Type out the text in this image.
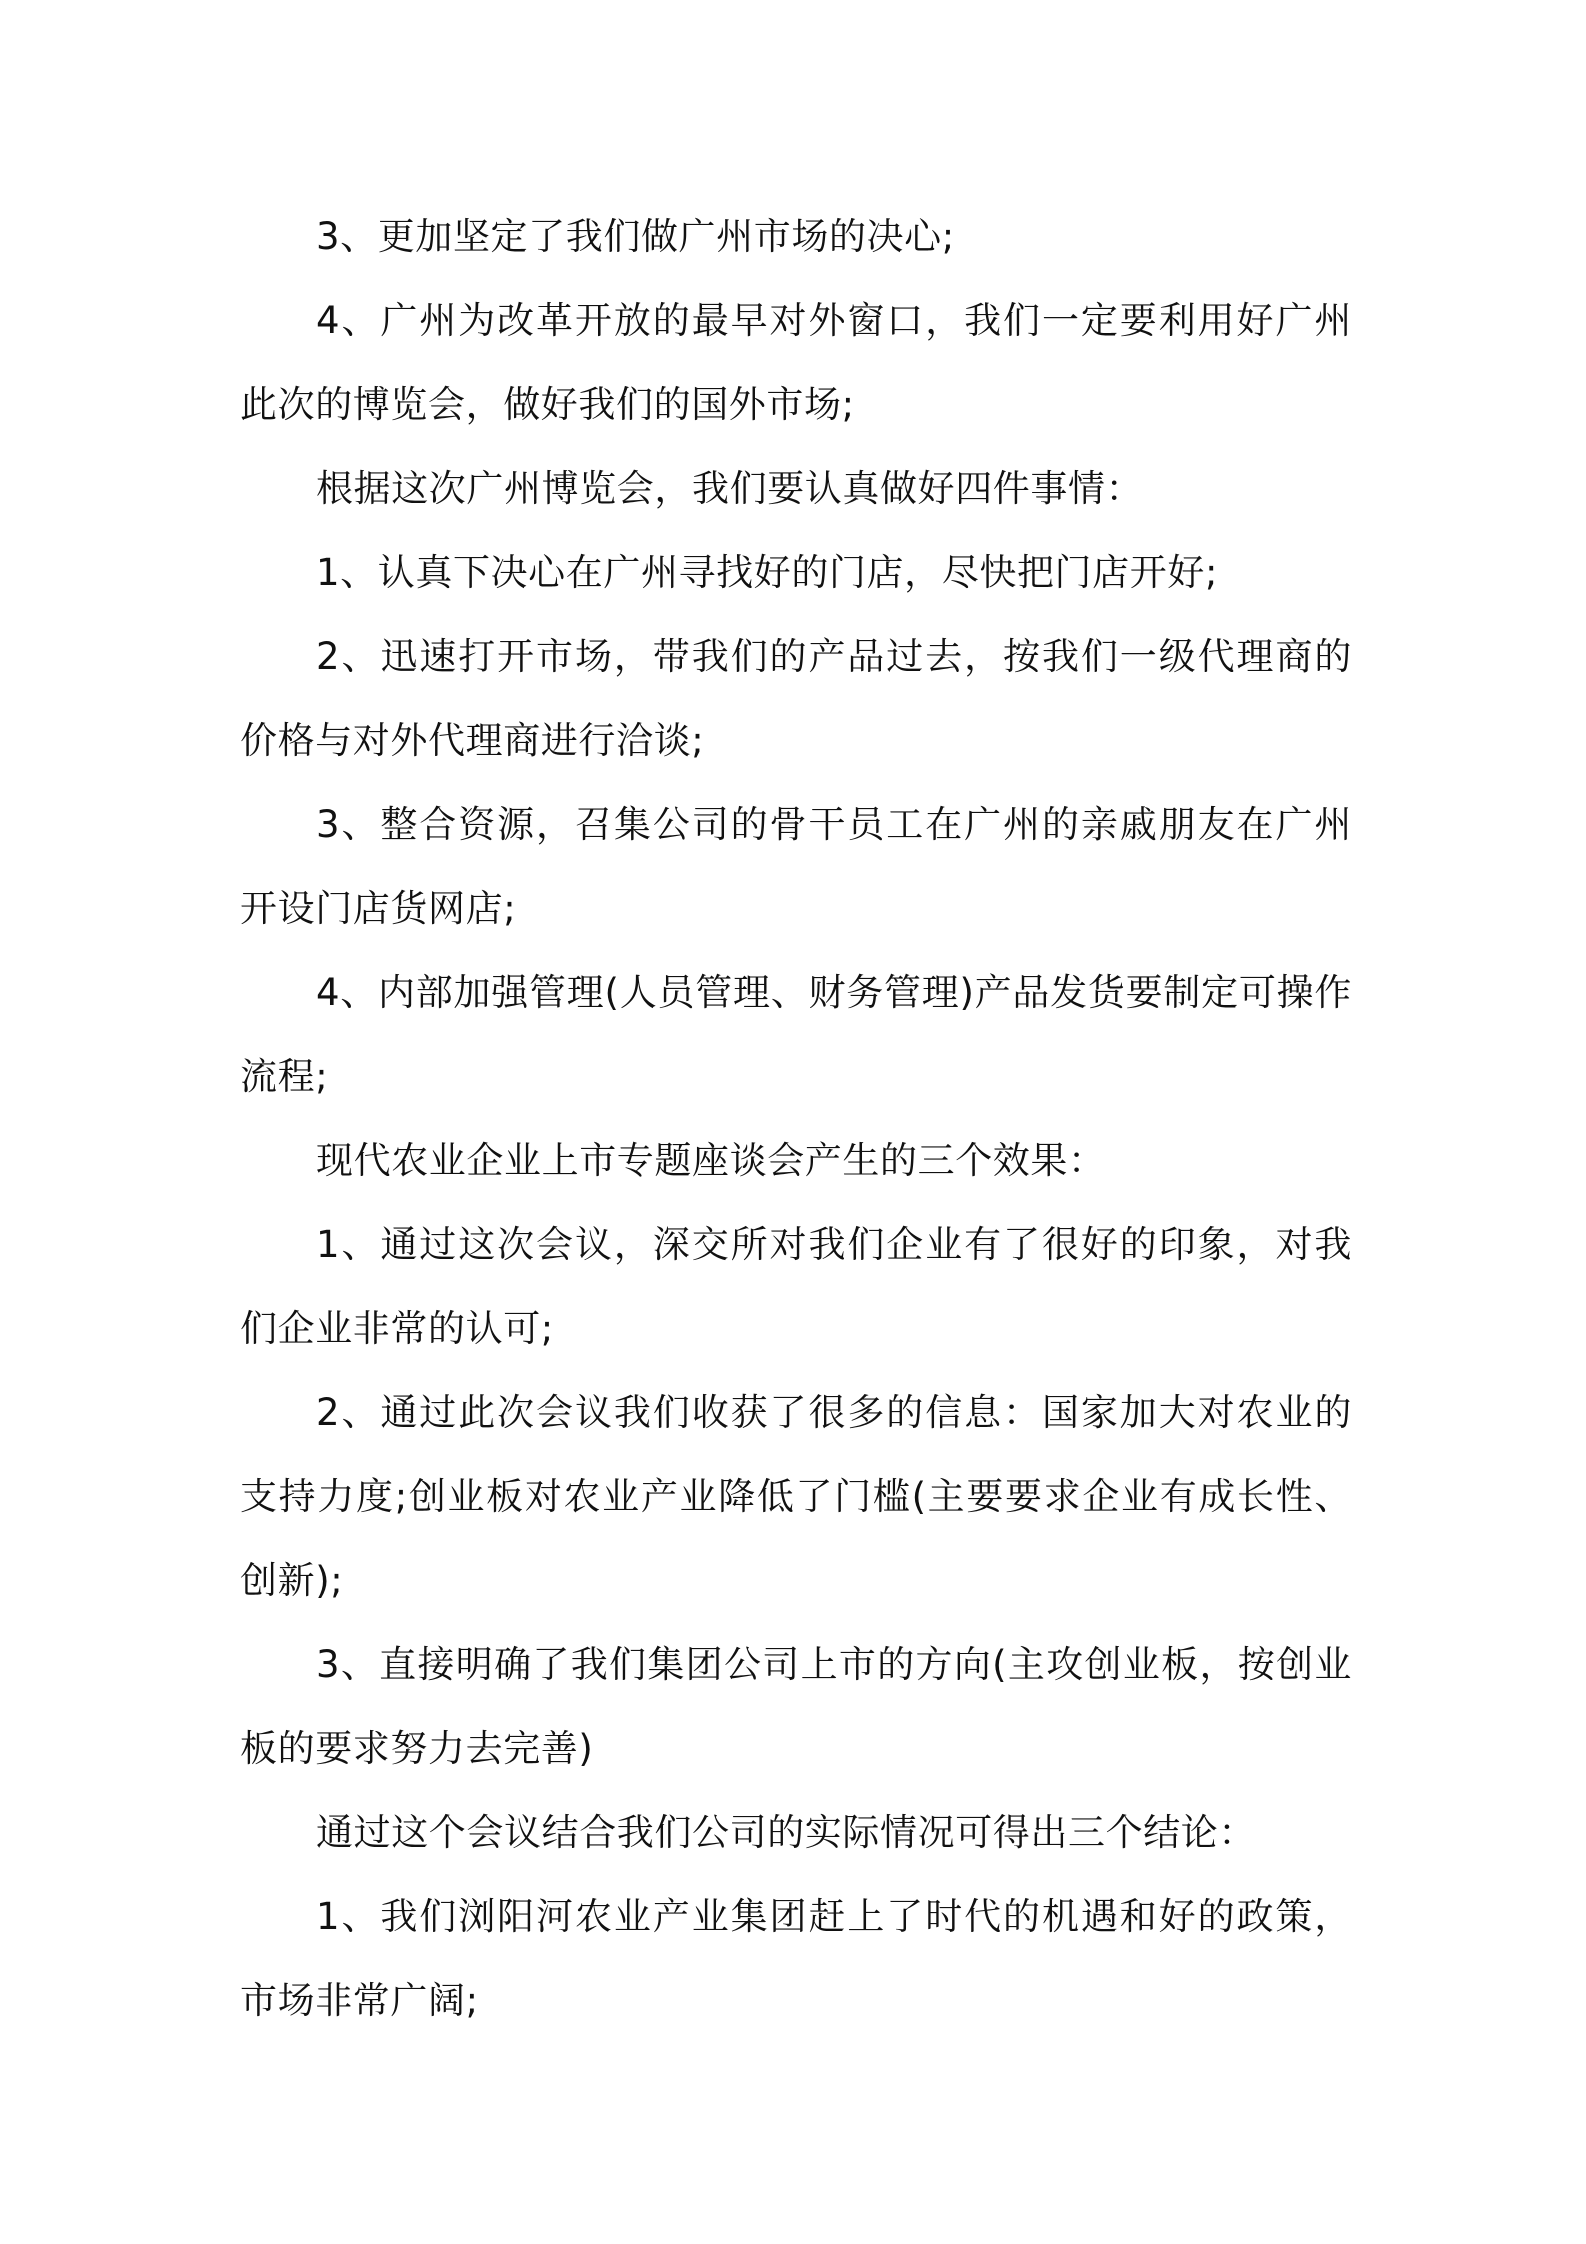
3、更加坚定了我们做广州市场的决心;

4、广州为改革开放的最早对外窗口，我们一定要利用好广州此次的博览会，做好我们的国外市场;

根据这次广州博览会，我们要认真做好四件事情：

1、认真下决心在广州寻找好的门店，尽快把门店开好;

2、迅速打开市场，带我们的产品过去，按我们一级代理商的价格与对外代理商进行洽谈;

3、整合资源，召集公司的骨干员工在广州的亲戚朋友在广州开设门店货网店;

4、内部加强管理(人员管理、财务管理)产品发货要制定可操作流程;

现代农业企业上市专题座谈会产生的三个效果：

1、通过这次会议，深交所对我们企业有了很好的印象，对我们企业非常的认可;

2、通过此次会议我们收获了很多的信息：国家加大对农业的支持力度;创业板对农业产业降低了门槛(主要要求企业有成长性、创新);

3、直接明确了我们集团公司上市的方向(主攻创业板，按创业板的要求努力去完善)

通过这个会议结合我们公司的实际情况可得出三个结论：

1、我们浏阳河农业产业集团赶上了时代的机遇和好的政策，市场非常广阔;
